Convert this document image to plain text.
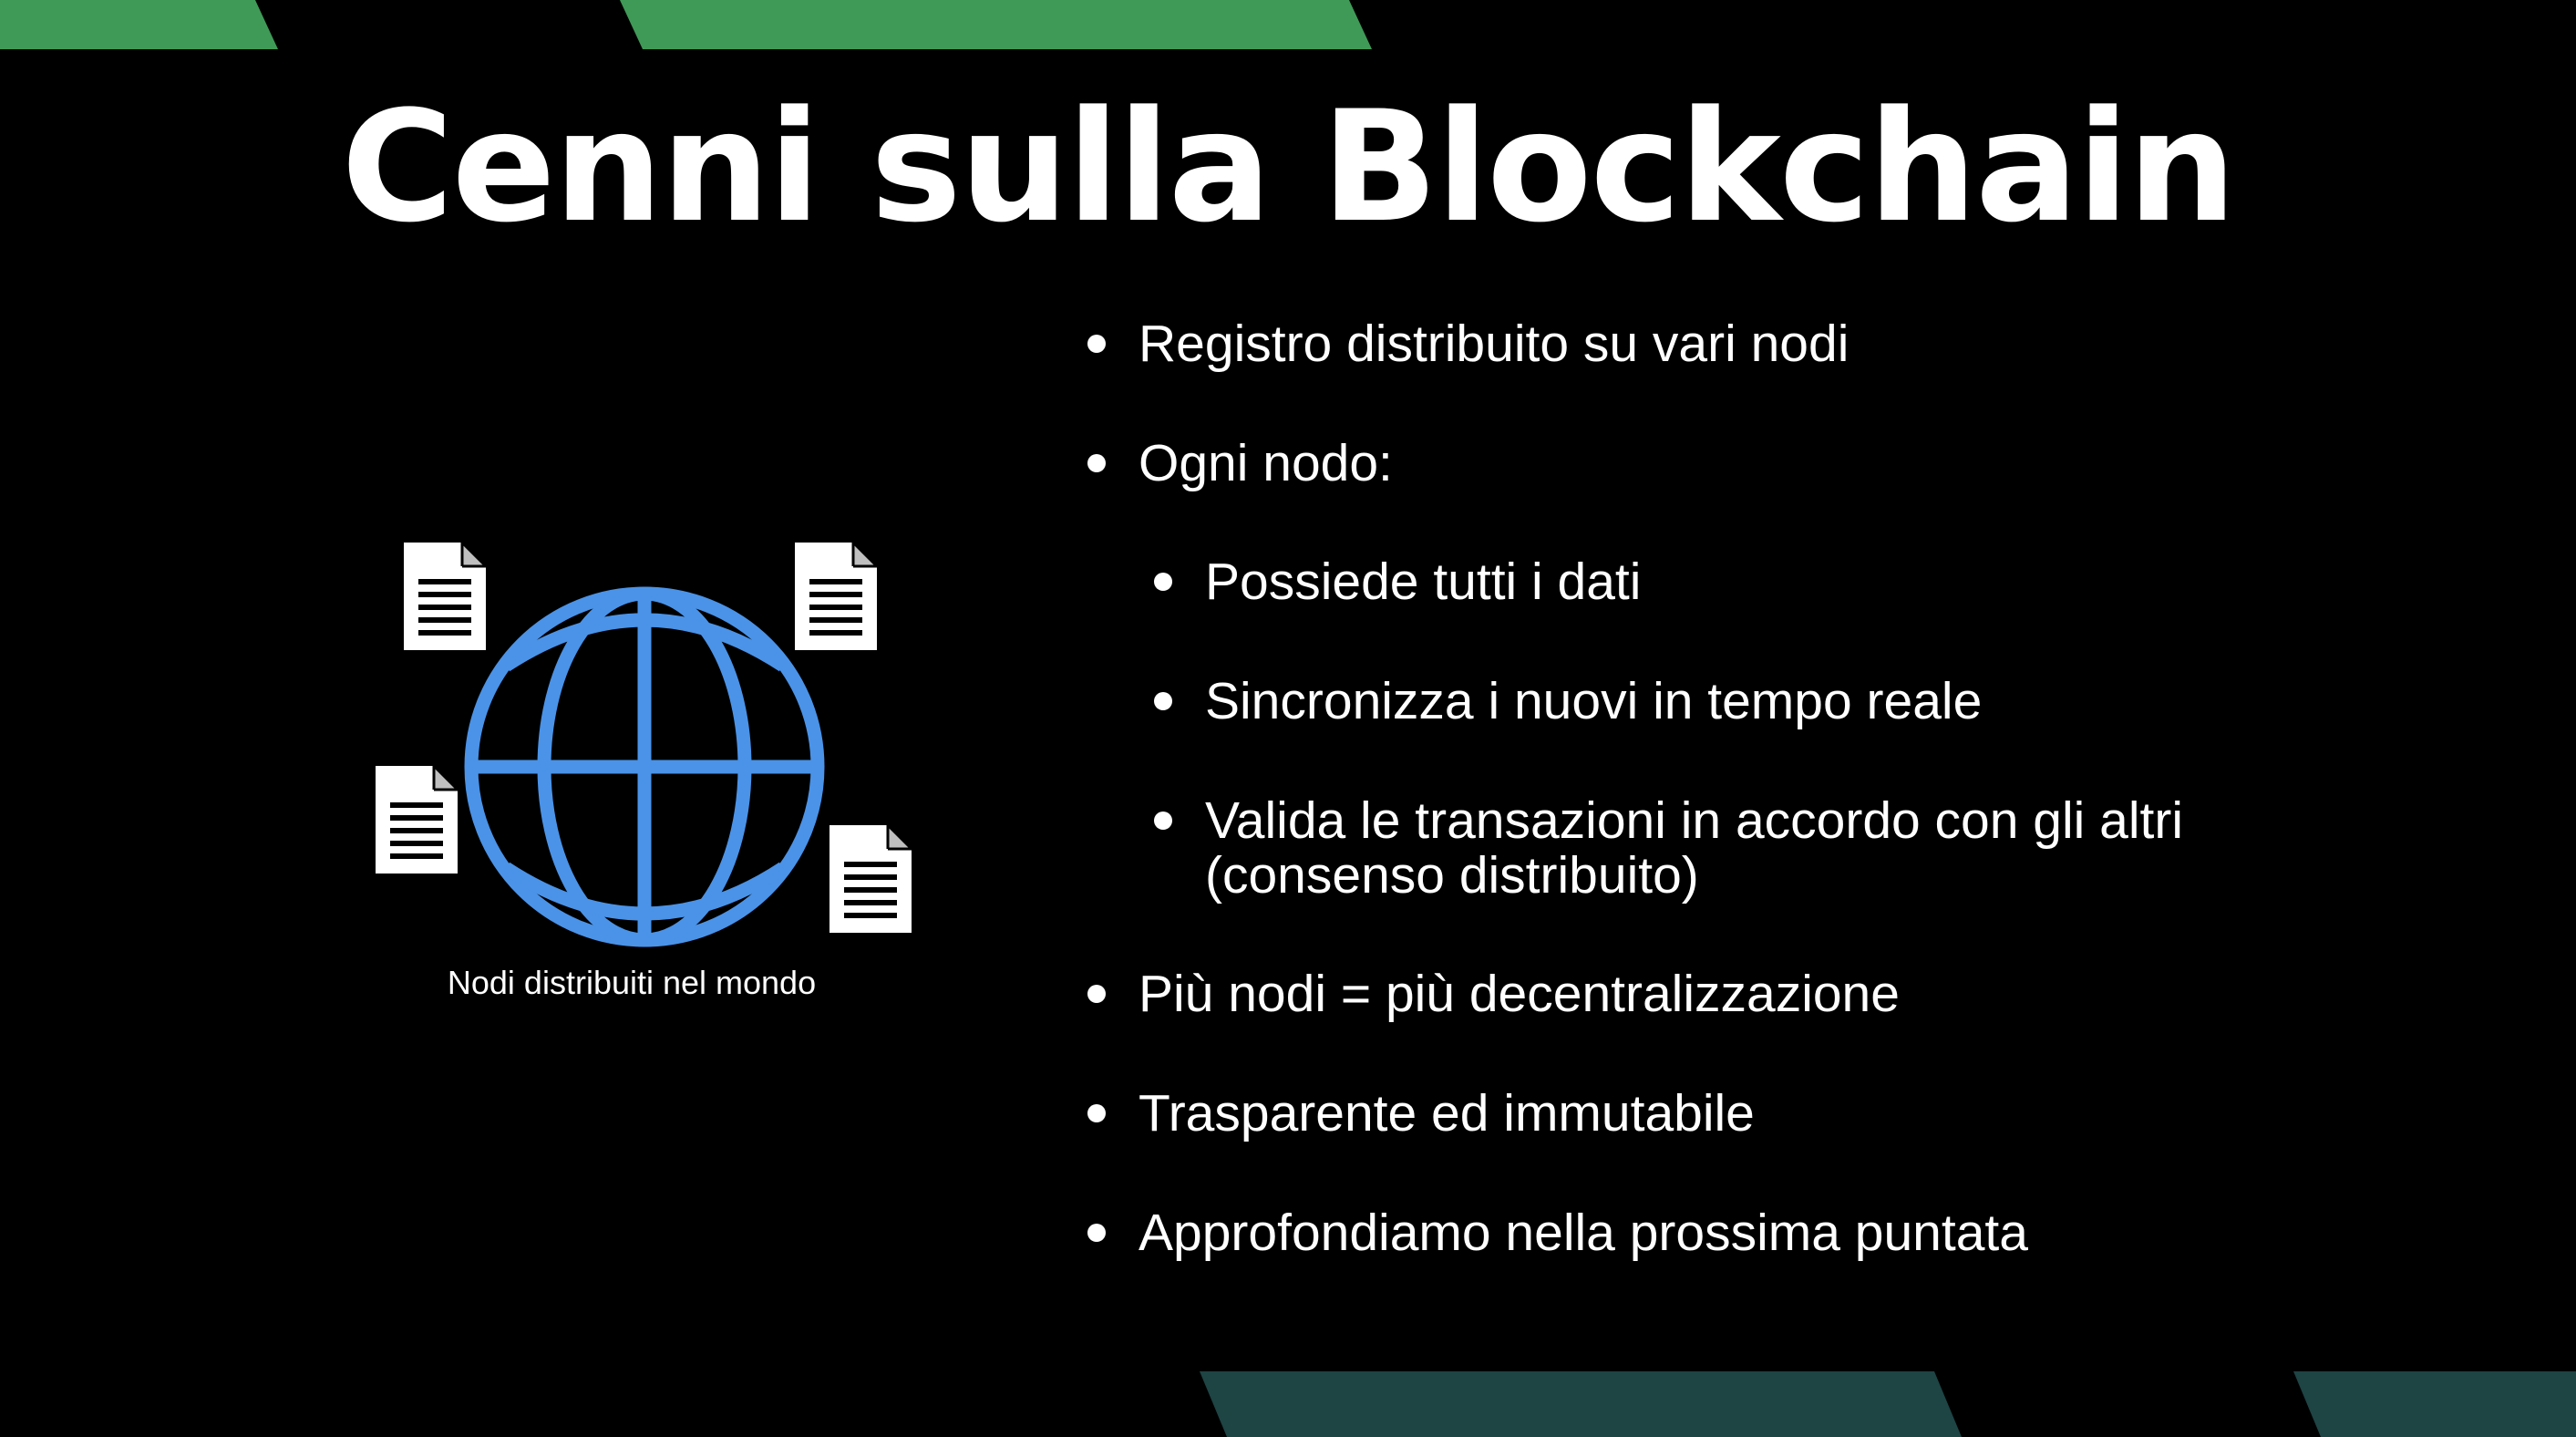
Cenni sulla Blockchain
Nodi distribuiti nel mondo
Registro distribuito su vari nodi
Ogni nodo:
Possiede tutti i dati
Sincronizza i nuovi in tempo reale
Valida le transazioni in accordo con gli altri
(consenso distribuito)
Più nodi = più decentralizzazione
Trasparente ed immutabile
Approfondiamo nella prossima puntata
